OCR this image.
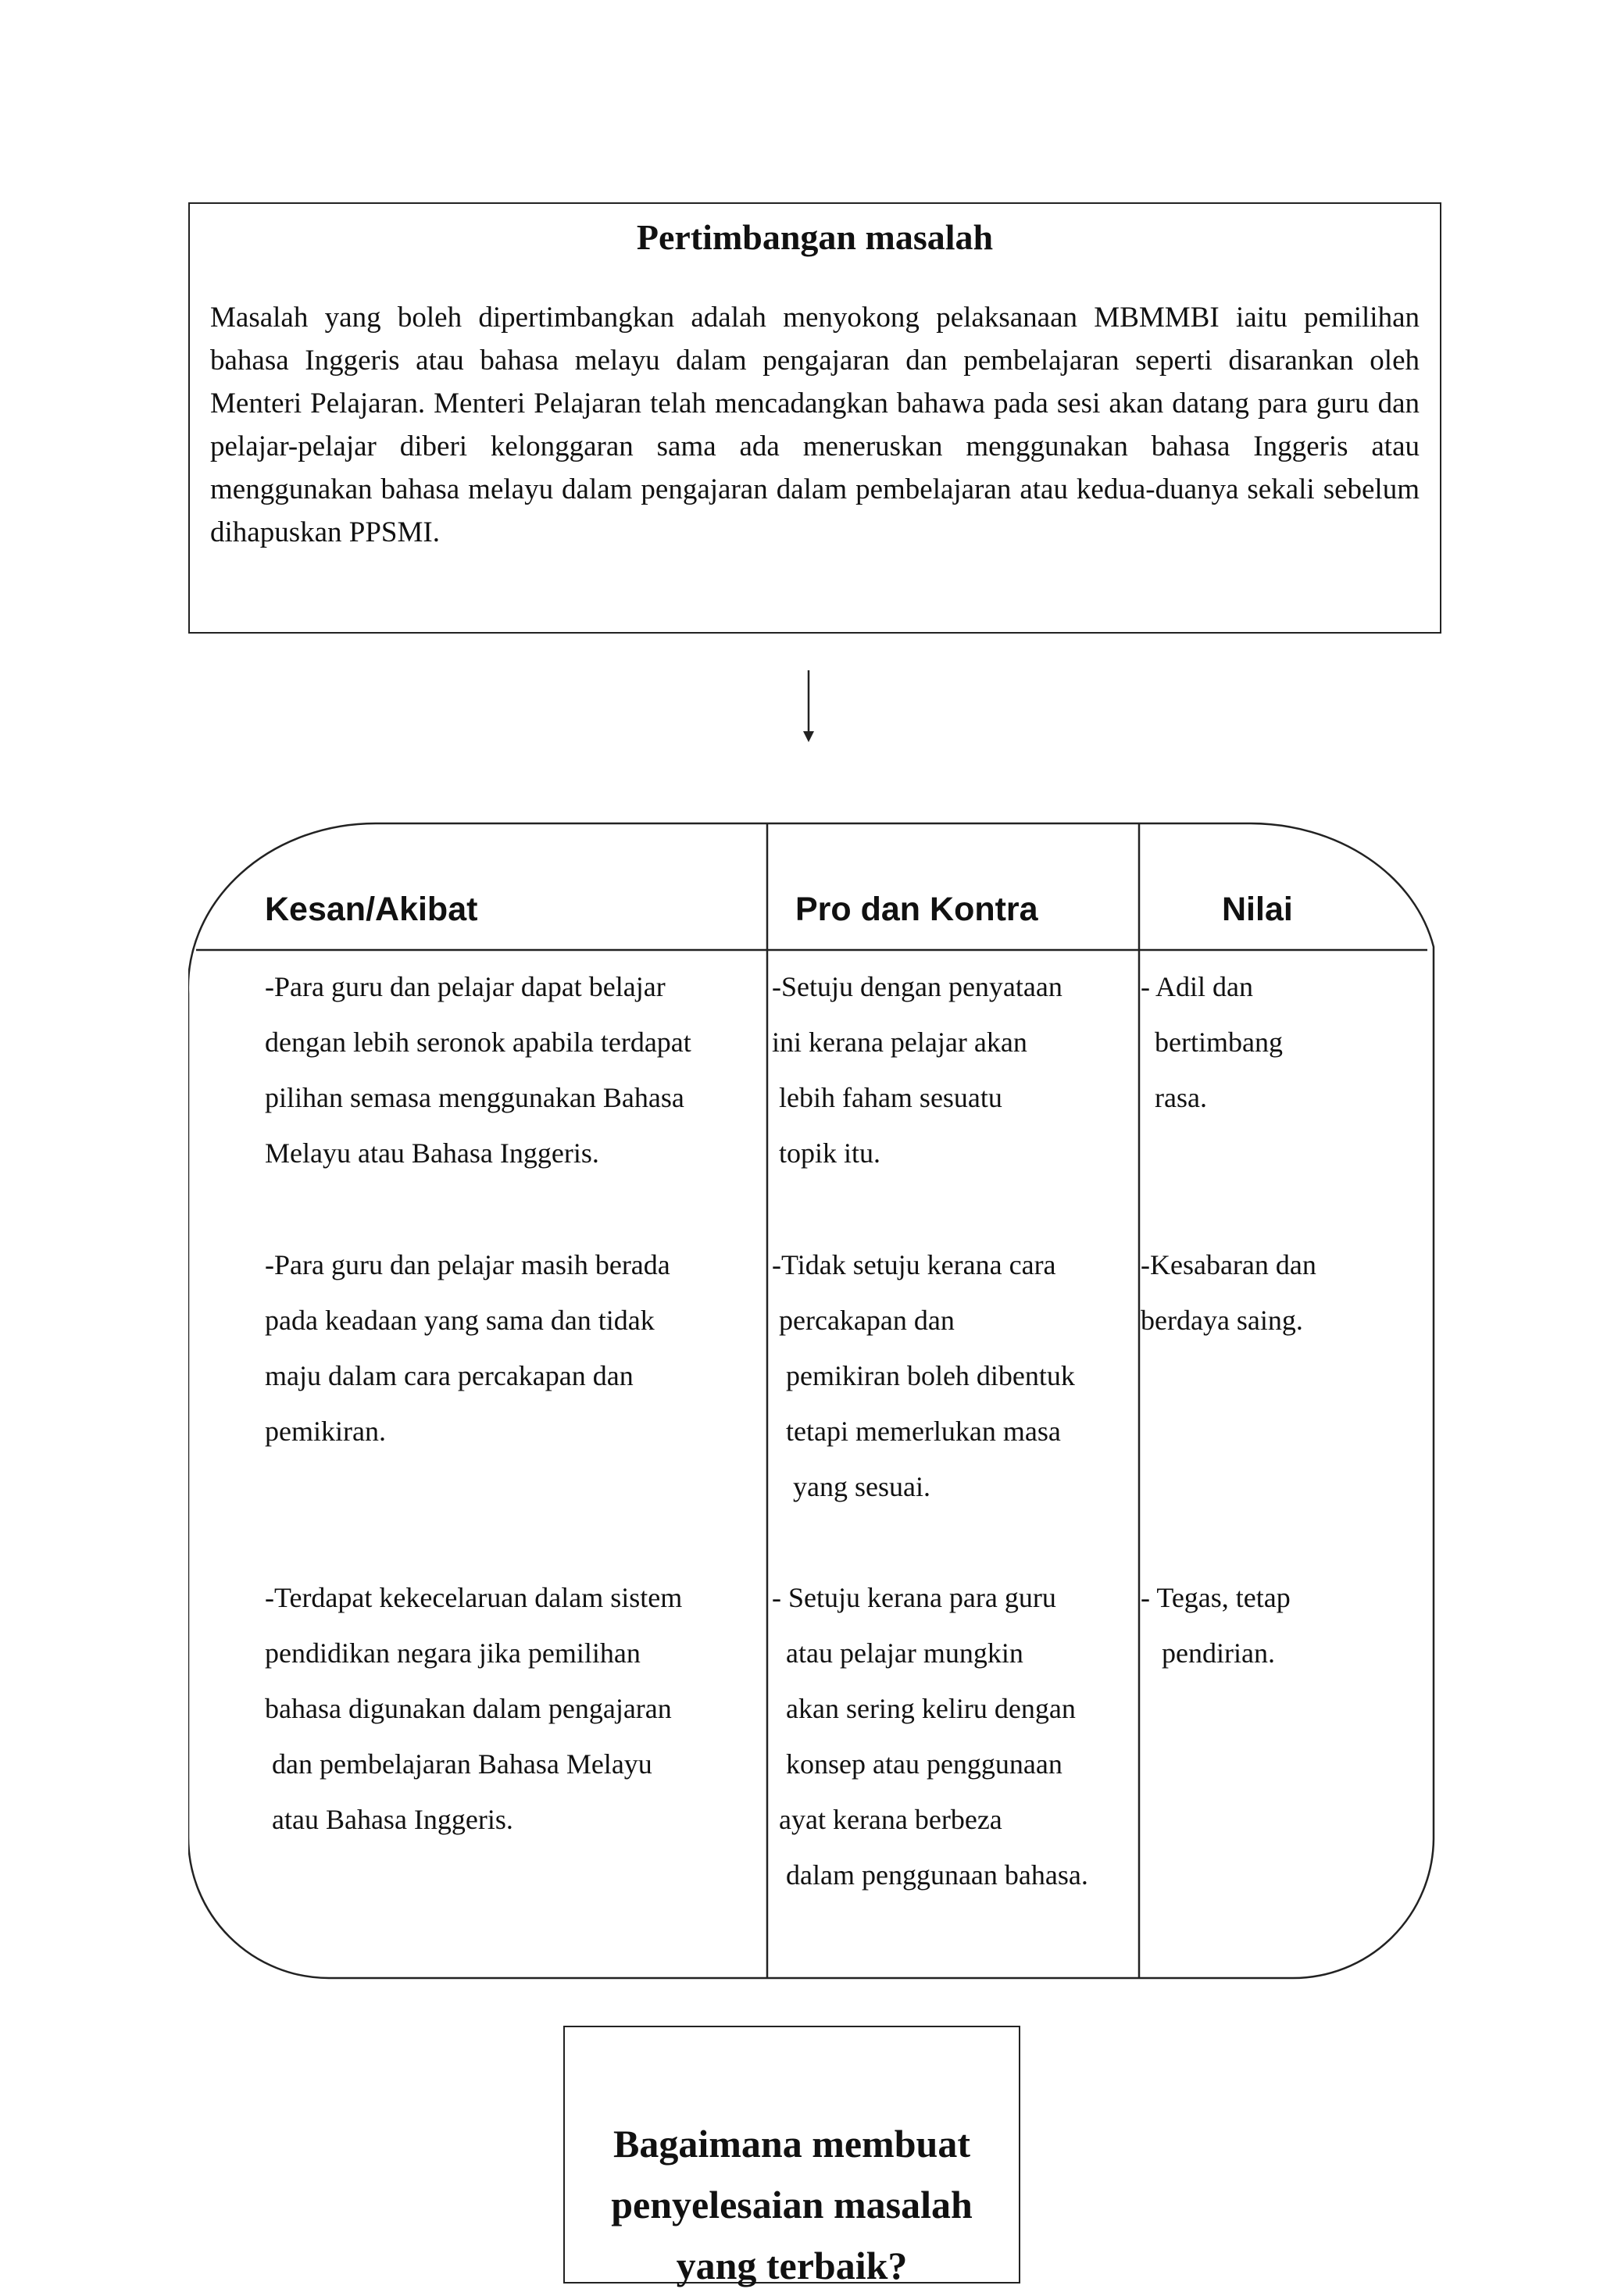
Pertimbangan masalah

Masalah yang boleh dipertimbangkan adalah menyokong pelaksanaan MBMMBI iaitu pemilihan bahasa Inggeris atau bahasa melayu dalam pengajaran dan pembelajaran seperti disarankan oleh Menteri Pelajaran. Menteri Pelajaran telah mencadangkan bahawa pada sesi akan datang para guru dan pelajar-pelajar diberi kelonggaran sama ada meneruskan menggunakan bahasa Inggeris atau menggunakan bahasa melayu dalam pengajaran dalam pembelajaran atau kedua-duanya sekali sebelum dihapuskan PPSMI.

Kesan/Akibat	Pro dan Kontra	Nilai

-Para guru dan pelajar dapat belajar
dengan lebih seronok apabila terdapat
pilihan semasa menggunakan Bahasa
Melayu atau Bahasa Inggeris.

-Setuju dengan penyataan
ini kerana pelajar akan
lebih faham sesuatu
topik itu.

- Adil dan
bertimbang
rasa.

-Para guru dan pelajar masih berada
pada keadaan yang sama dan tidak
maju dalam cara percakapan dan
pemikiran.

-Tidak setuju kerana cara
percakapan dan
pemikiran boleh dibentuk
tetapi memerlukan masa
yang sesuai.

-Kesabaran dan
berdaya saing.

-Terdapat kekecelaruan dalam sistem
pendidikan negara jika pemilihan
bahasa digunakan dalam pengajaran
dan pembelajaran Bahasa Melayu
atau Bahasa Inggeris.

- Setuju kerana para guru
atau pelajar mungkin
akan sering keliru dengan
konsep atau penggunaan
ayat kerana berbeza
dalam penggunaan bahasa.

- Tegas, tetap
pendirian.

Bagaimana membuat
penyelesaian masalah
yang terbaik?
